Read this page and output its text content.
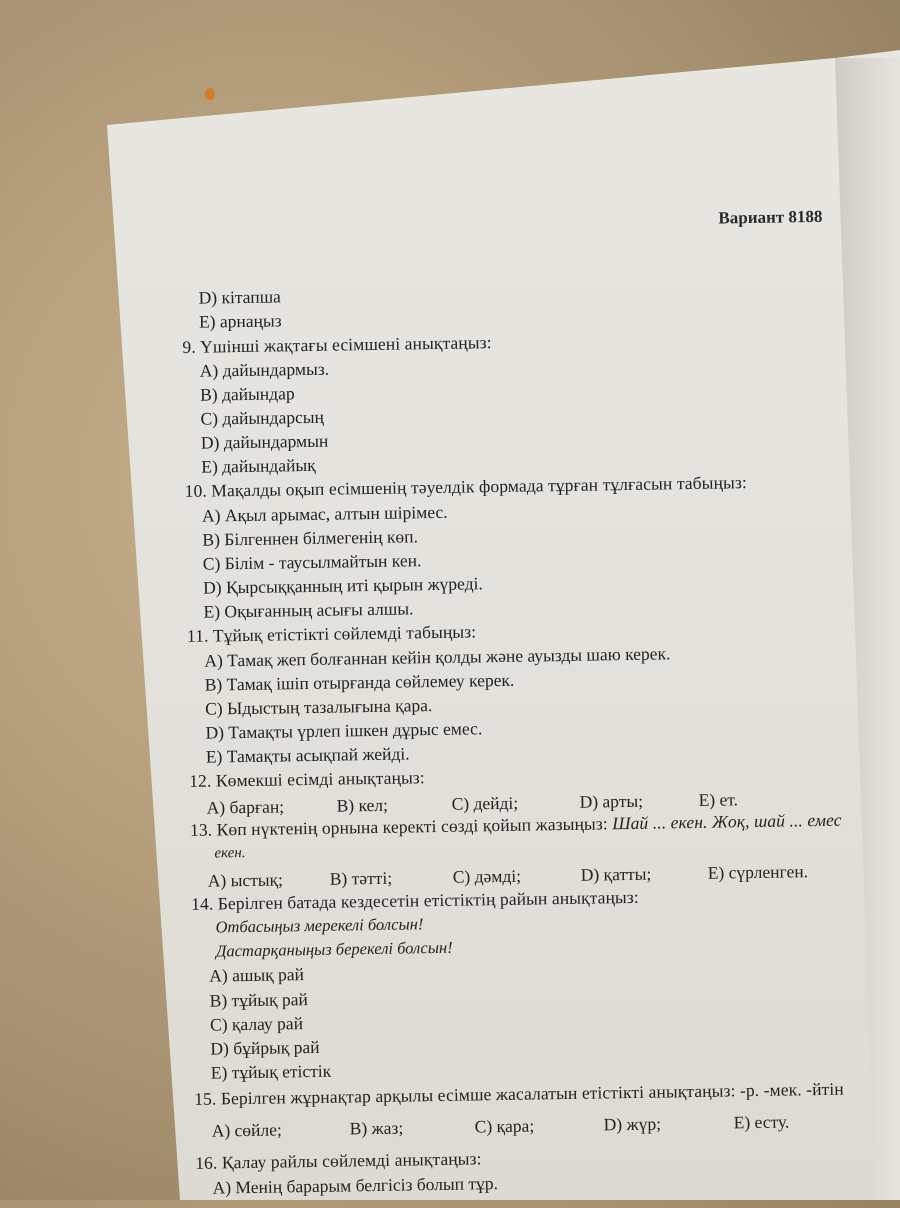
Вариант 8188
D) кітапша
E) арнаңыз
9. Үшінші жақтағы есімшені анықтаңыз:
A) дайындармыз.
B) дайындар
C) дайындарсың
D) дайындармын
E) дайындайық
10. Мақалды оқып есімшенің тәуелдік формада тұрған тұлғасын табыңыз:
A) Ақыл арымас, алтын шірімес.
B) Білгеннен білмегенің көп.
C) Білім - таусылмайтын кен.
D) Қырсыққанның иті қырын жүреді.
E) Оқығанның асығы алшы.
11. Тұйық етістікті сөйлемді табыңыз:
A) Тамақ жеп болғаннан кейін қолды және ауызды шаю керек.
B) Тамақ ішіп отырғанда сөйлемеу керек.
C) Ыдыстың тазалығына қара.
D) Тамақты үрлеп ішкен дұрыс емес.
E) Тамақты асықпай жейді.
12. Көмекші есімді анықтаңыз:
A) барған;	B) кел;	C) дейді;	D) арты;	E) ет.
13. Көп нүктенің орнына керекті сөзді қойып жазыңыз: Шай ... екен. Жоқ, шай ... емес
екен.
A) ыстық;	B) тәтті;	C) дәмді;	D) қатты;	E) сүрленген.
14. Берілген батада кездесетін етістіктің райын анықтаңыз:
Отбасыңыз мерекелі болсын!
Дастарқаныңыз берекелі болсын!
A) ашық рай
B) тұйық рай
C) қалау рай
D) бұйрық рай
E) тұйық етістік
15. Берілген жұрнақтар арқылы есімше жасалатын етістікті анықтаңыз: -р. -мек. -йтін
A) сөйле;	B) жаз;	C) қара;	D) жүр;	E) есту.
16. Қалау райлы сөйлемді анықтаңыз:
A) Менің барарым белгісіз болып тұр.
